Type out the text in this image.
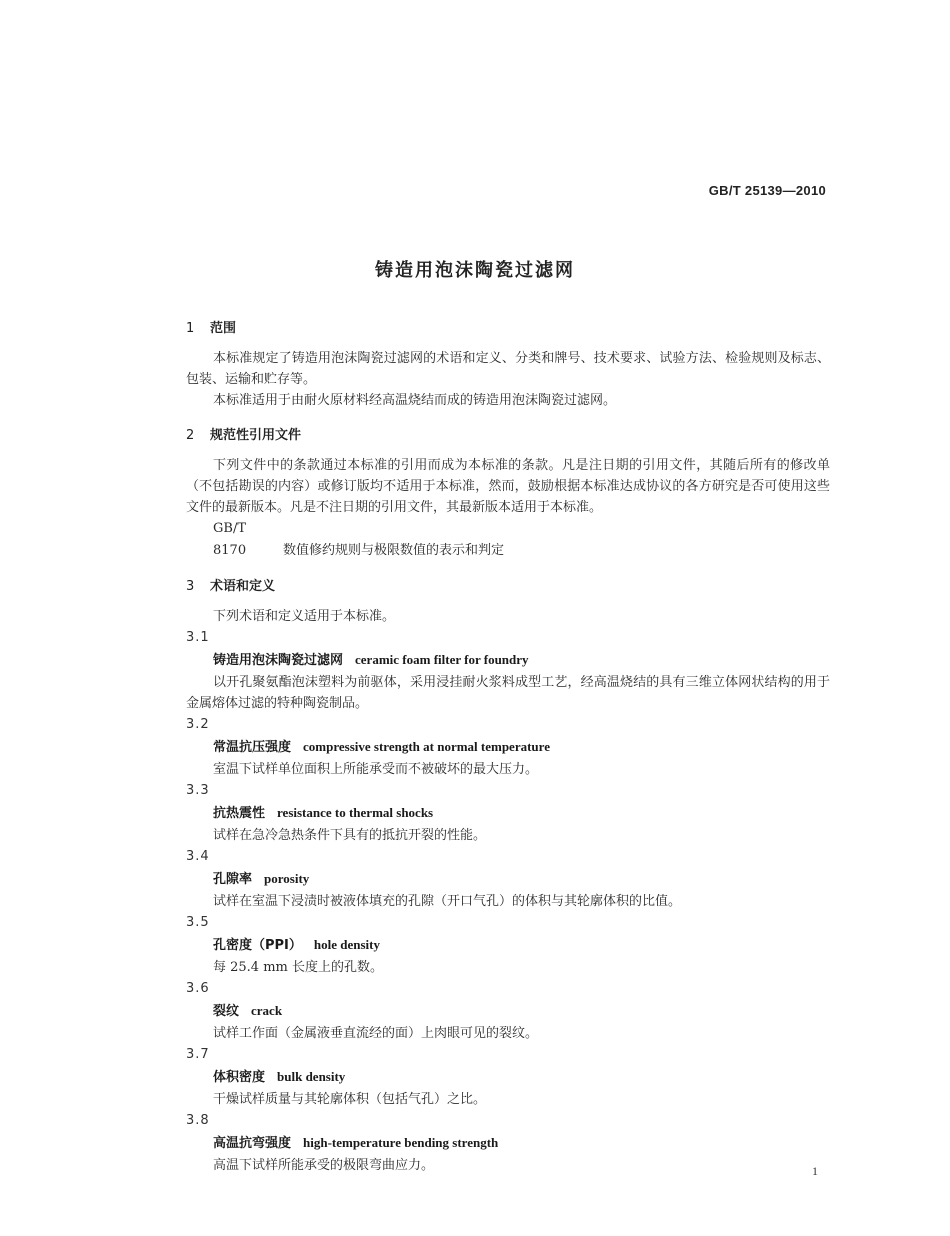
GB/T 25139—2010
铸造用泡沫陶瓷过滤网
1 范围

本标准规定了铸造用泡沫陶瓷过滤网的术语和定义、分类和牌号、技术要求、试验方法、检验规则及标志、包装、运输和贮存等。

本标准适用于由耐火原材料经高温烧结而成的铸造用泡沫陶瓷过滤网。

2 规范性引用文件

下列文件中的条款通过本标准的引用而成为本标准的条款。凡是注日期的引用文件，其随后所有的修改单（不包括勘误的内容）或修订版均不适用于本标准，然而，鼓励根据本标准达成协议的各方研究是否可使用这些文件的最新版本。凡是不注日期的引用文件，其最新版本适用于本标准。

GB/T 8170	数值修约规则与极限数值的表示和判定

3 术语和定义

下列术语和定义适用于本标准。

3.1

铸造用泡沫陶瓷过滤网 ceramic foam filter for foundry

以开孔聚氨酯泡沫塑料为前驱体，采用浸挂耐火浆料成型工艺，经高温烧结的具有三维立体网状结构的用于金属熔体过滤的特种陶瓷制品。

3.2

常温抗压强度 compressive strength at normal temperature

室温下试样单位面积上所能承受而不被破坏的最大压力。

3.3

抗热震性 resistance to thermal shocks

试样在急冷急热条件下具有的抵抗开裂的性能。

3.4

孔隙率 porosity

试样在室温下浸渍时被液体填充的孔隙（开口气孔）的体积与其轮廓体积的比值。

3.5

孔密度（PPI） hole density

每 25.4 mm 长度上的孔数。

3.6

裂纹 crack

试样工作面（金属液垂直流经的面）上肉眼可见的裂纹。

3.7

体积密度 bulk density

干燥试样质量与其轮廓体积（包括气孔）之比。

3.8

高温抗弯强度 high-temperature bending strength

高温下试样所能承受的极限弯曲应力。	1
